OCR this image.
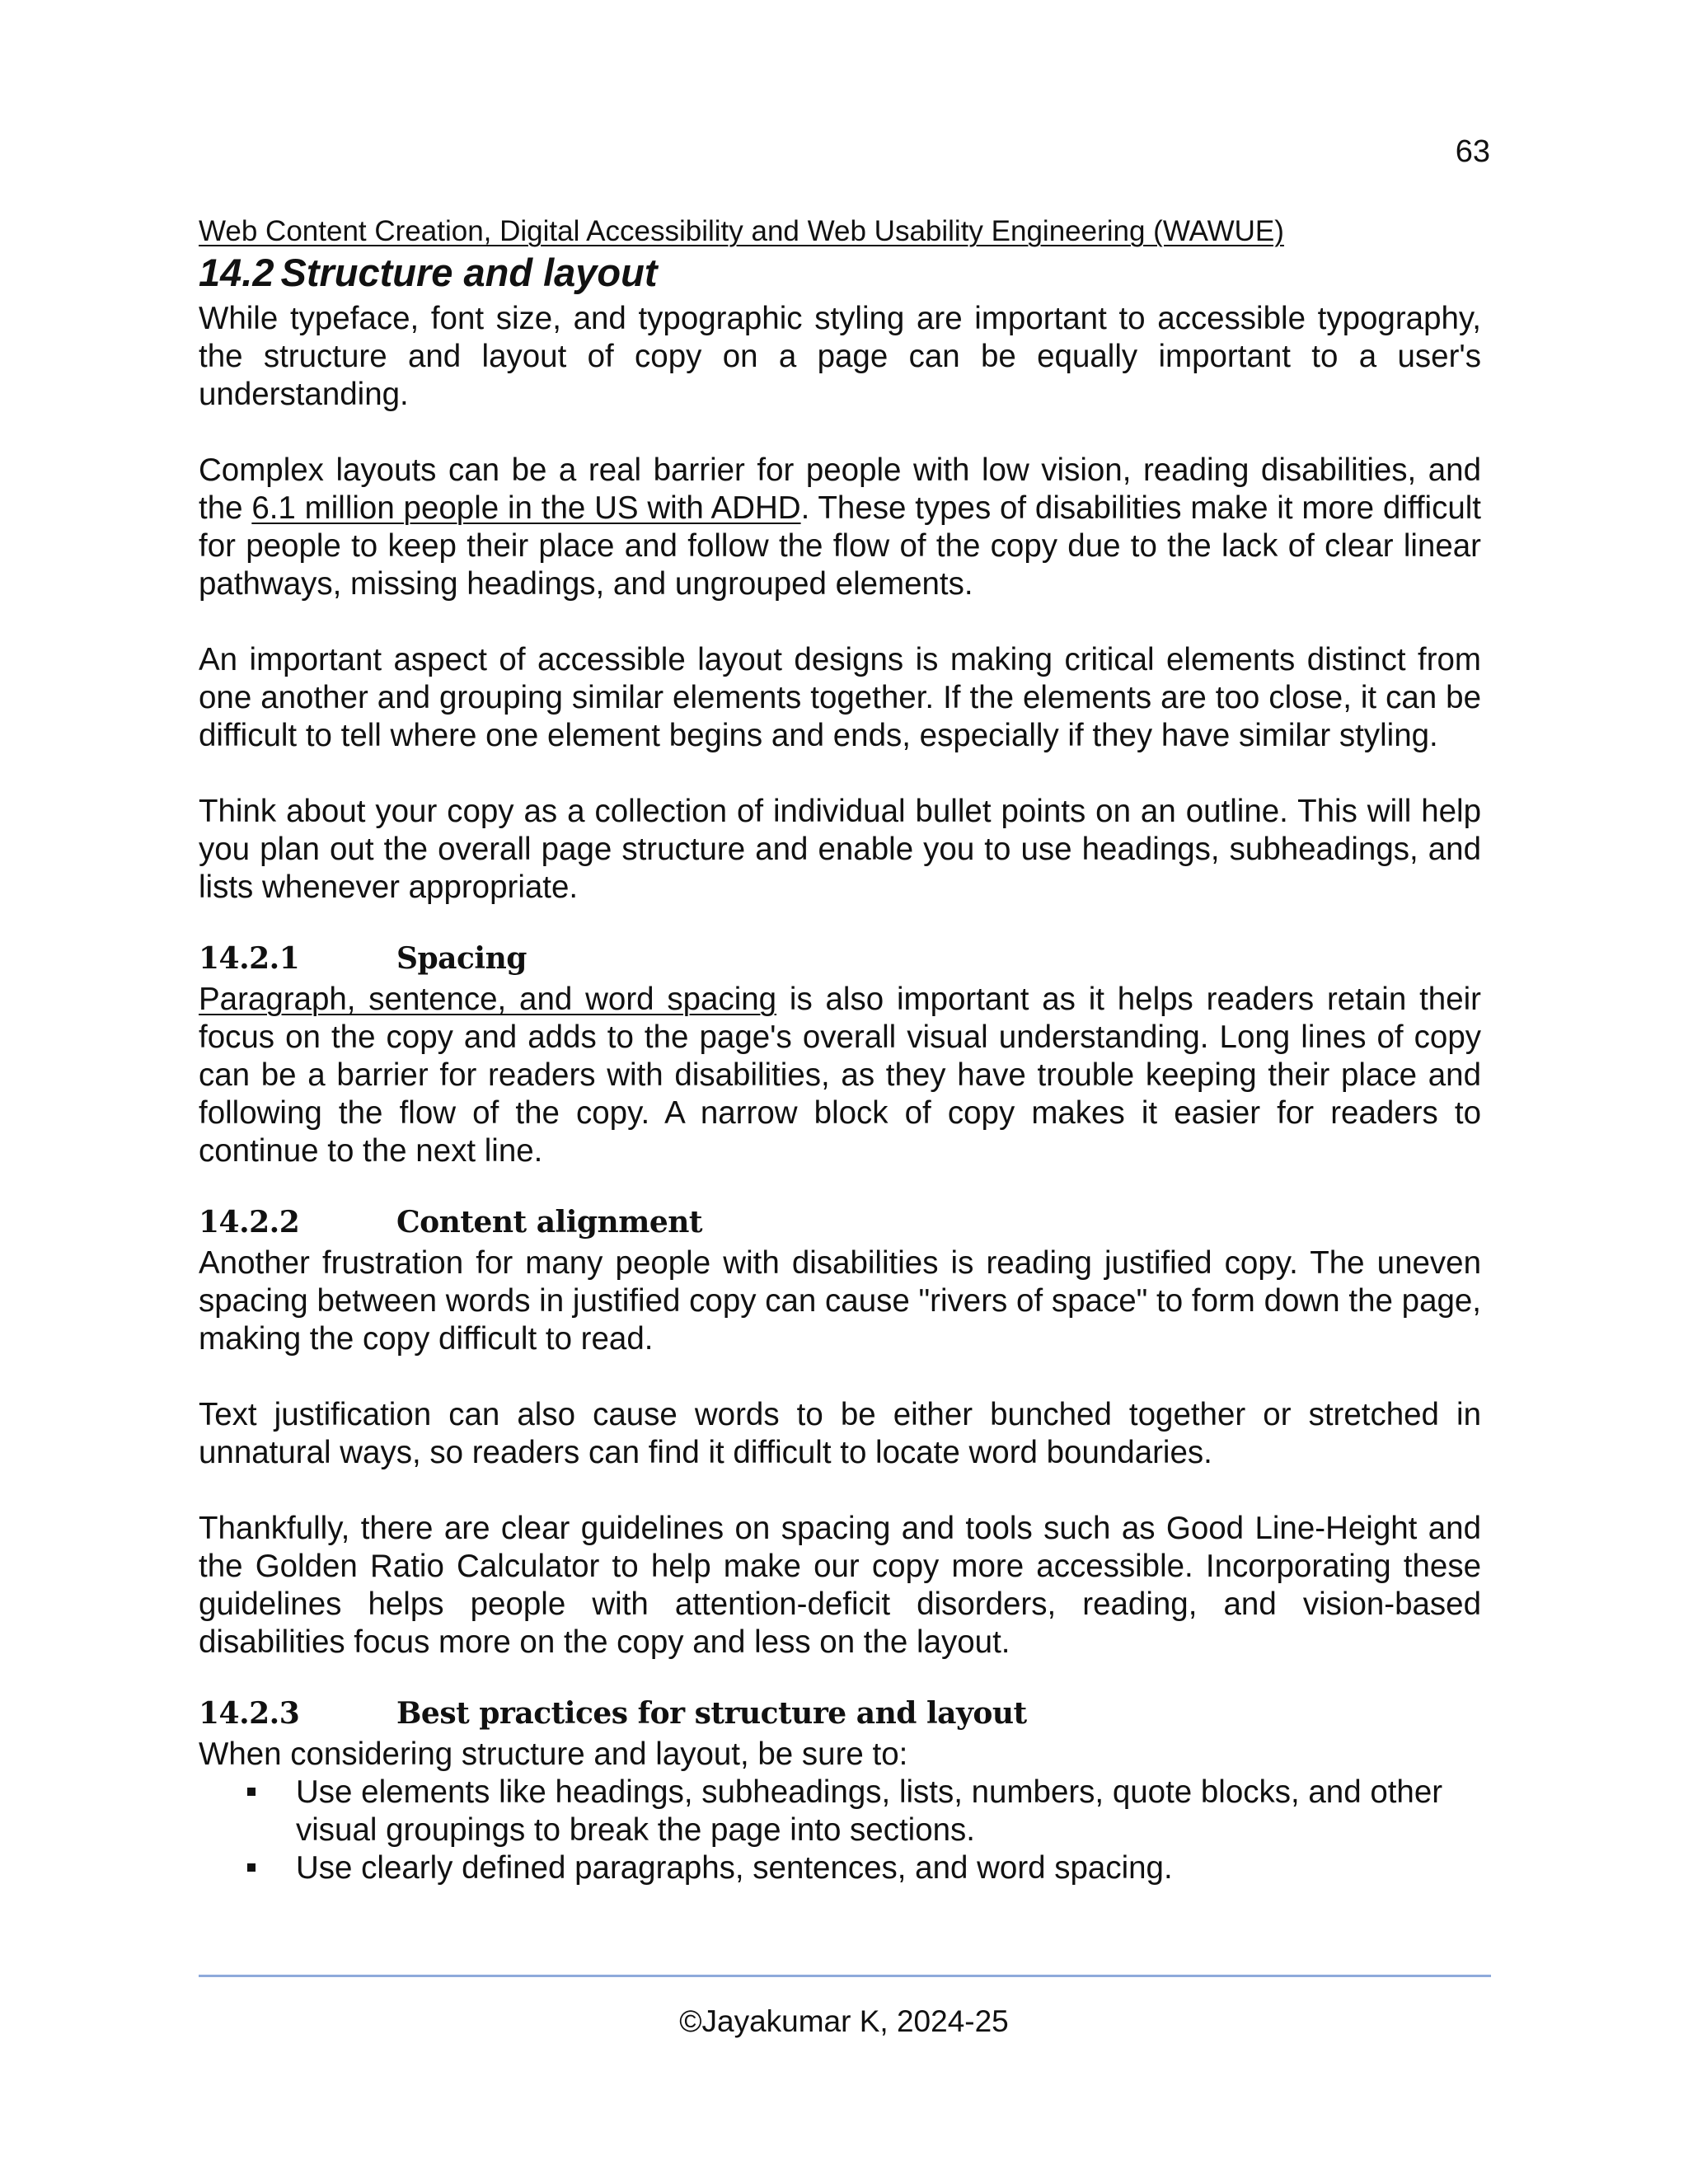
63

Web Content Creation, Digital Accessibility and Web Usability Engineering (WAWUE)

14.2 Structure and layout

While typeface, font size, and typographic styling are important to accessible typography, the structure and layout of copy on a page can be equally important to a user's understanding.

Complex layouts can be a real barrier for people with low vision, reading disabilities, and the 6.1 million people in the US with ADHD. These types of disabilities make it more difficult for people to keep their place and follow the flow of the copy due to the lack of clear linear pathways, missing headings, and ungrouped elements.

An important aspect of accessible layout designs is making critical elements distinct from one another and grouping similar elements together. If the elements are too close, it can be difficult to tell where one element begins and ends, especially if they have similar styling.

Think about your copy as a collection of individual bullet points on an outline. This will help you plan out the overall page structure and enable you to use headings, subheadings, and lists whenever appropriate.

14.2.1	Spacing

Paragraph, sentence, and word spacing is also important as it helps readers retain their focus on the copy and adds to the page's overall visual understanding. Long lines of copy can be a barrier for readers with disabilities, as they have trouble keeping their place and following the flow of the copy. A narrow block of copy makes it easier for readers to continue to the next line.

14.2.2	Content alignment

Another frustration for many people with disabilities is reading justified copy. The uneven spacing between words in justified copy can cause "rivers of space" to form down the page, making the copy difficult to read.

Text justification can also cause words to be either bunched together or stretched in unnatural ways, so readers can find it difficult to locate word boundaries.

Thankfully, there are clear guidelines on spacing and tools such as Good Line-Height and the Golden Ratio Calculator to help make our copy more accessible. Incorporating these guidelines helps people with attention-deficit disorders, reading, and vision-based disabilities focus more on the copy and less on the layout.

14.2.3	Best practices for structure and layout

When considering structure and layout, be sure to:

Use elements like headings, subheadings, lists, numbers, quote blocks, and other visual groupings to break the page into sections.
Use clearly defined paragraphs, sentences, and word spacing.
©Jayakumar K, 2024-25
